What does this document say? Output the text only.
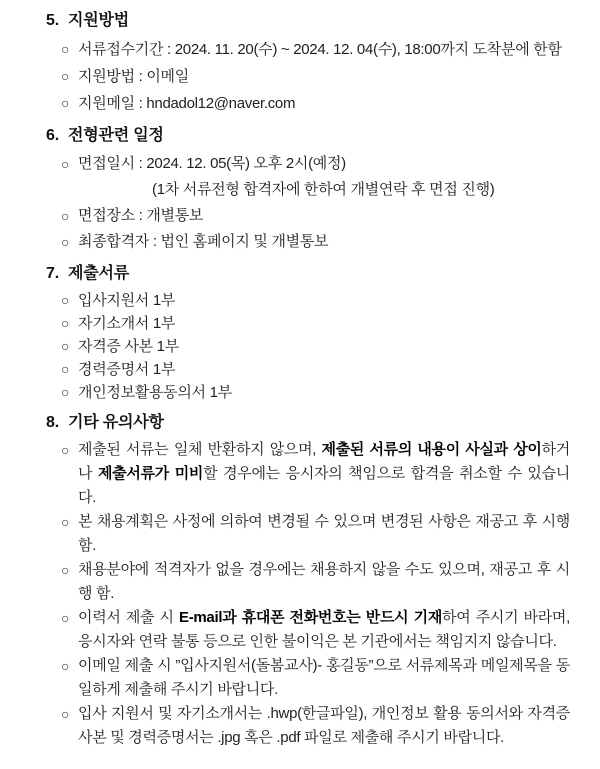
5. 지원방법
○ 서류접수기간 : 2024. 11. 20(수) ~ 2024. 12. 04(수), 18:00까지 도착분에 한함
○ 지원방법 : 이메일
○ 지원메일 : hndadol12@naver.com
6. 전형관련 일정
○ 면접일시 : 2024. 12. 05(목) 오후 2시(예정)
(1차 서류전형 합격자에 한하여 개별연락 후 면접 진행)
○ 면접장소 : 개별통보
○ 최종합격자 : 법인 홈페이지 및 개별통보
7. 제출서류
○ 입사지원서 1부
○ 자기소개서 1부
○ 자격증 사본 1부
○ 경력증명서 1부
○ 개인정보활용동의서 1부
8. 기타 유의사항
○ 제출된 서류는 일체 반환하지 않으며, 제출된 서류의 내용이 사실과 상이하거나 제출서류가 미비할 경우에는 응시자의 책임으로 합격을 취소할 수 있습니다.
○ 본 채용계획은 사정에 의하여 변경될 수 있으며 변경된 사항은 재공고 후 시행 함.
○ 채용분야에 적격자가 없을 경우에는 채용하지 않을 수도 있으며, 재공고 후 시행 함.
○ 이력서 제출 시 E-mail과 휴대폰 전화번호는 반드시 기재하여 주시기 바라며, 응시자와 연락 불통 등으로 인한 불이익은 본 기관에서는 책임지지 않습니다.
○ 이메일 제출 시 ”입사지원서(돌봄교사)- 홍길동”으로 서류제목과 메일제목을 동일하게 제출해 주시기 바랍니다.
○ 입사 지원서 및 자기소개서는 .hwp(한글파일), 개인정보 활용 동의서와 자격증 사본 및 경력증명서는 .jpg 혹은 .pdf 파일로 제출해 주시기 바랍니다.
